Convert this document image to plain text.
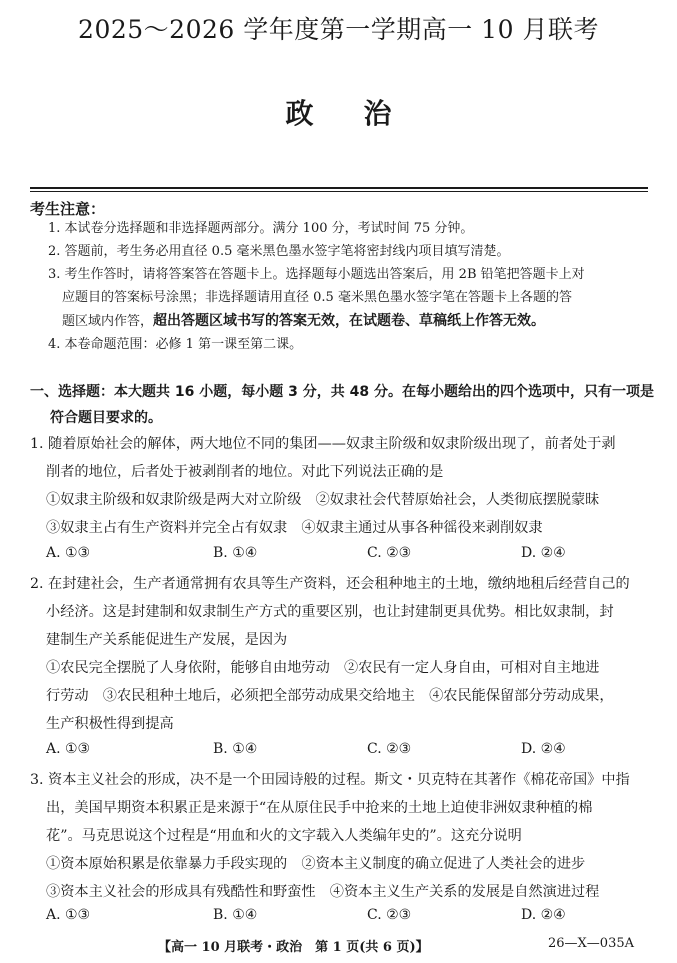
2025～2026 学年度第一学期高一 10 月联考
政治
考生注意：
1. 本试卷分选择题和非选择题两部分。满分 100 分，考试时间 75 分钟。
2. 答题前，考生务必用直径 0.5 毫米黑色墨水签字笔将密封线内项目填写清楚。
3. 考生作答时，请将答案答在答题卡上。选择题每小题选出答案后，用 2B 铅笔把答题卡上对
应题目的答案标号涂黑；非选择题请用直径 0.5 毫米黑色墨水签字笔在答题卡上各题的答
题区域内作答，超出答题区域书写的答案无效，在试题卷、草稿纸上作答无效。
4. 本卷命题范围：必修 1 第一课至第二课。
一、选择题：本大题共 16 小题，每小题 3 分，共 48 分。在每小题给出的四个选项中，只有一项是
符合题目要求的。
1. 随着原始社会的解体，两大地位不同的集团——奴隶主阶级和奴隶阶级出现了，前者处于剥
削者的地位，后者处于被剥削者的地位。对此下列说法正确的是
①奴隶主阶级和奴隶阶级是两大对立阶级　②奴隶社会代替原始社会，人类彻底摆脱蒙昧
③奴隶主占有生产资料并完全占有奴隶　④奴隶主通过从事各种徭役来剥削奴隶
A. ①③	B. ①④	C. ②③	D. ②④
2. 在封建社会，生产者通常拥有农具等生产资料，还会租种地主的土地，缴纳地租后经营自己的
小经济。这是封建制和奴隶制生产方式的重要区别，也让封建制更具优势。相比奴隶制，封
建制生产关系能促进生产发展，是因为
①农民完全摆脱了人身依附，能够自由地劳动　②农民有一定人身自由，可相对自主地进
行劳动　③农民租种土地后，必须把全部劳动成果交给地主　④农民能保留部分劳动成果，
生产积极性得到提高
A. ①③	B. ①④	C. ②③	D. ②④
3. 资本主义社会的形成，决不是一个田园诗般的过程。斯文・贝克特在其著作《棉花帝国》中指
出，美国早期资本积累正是来源于“在从原住民手中抢来的土地上迫使非洲奴隶种植的棉
花”。马克思说这个过程是“用血和火的文字载入人类编年史的”。这充分说明
①资本原始积累是依靠暴力手段实现的　②资本主义制度的确立促进了人类社会的进步
③资本主义社会的形成具有残酷性和野蛮性　④资本主义生产关系的发展是自然演进过程
A. ①③	B. ①④	C. ②③	D. ②④
【高一 10 月联考・政治　第 1 页(共 6 页)】	26—X—035A
